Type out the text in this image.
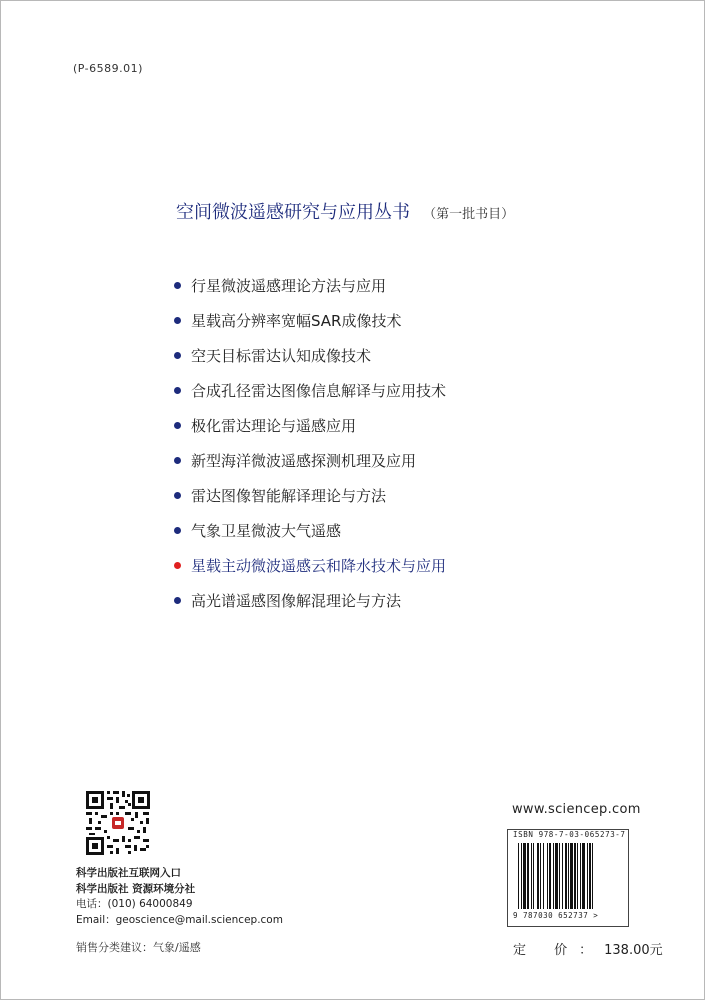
(P-6589.01)
空间微波遥感研究与应用丛书 （第一批书目）
行星微波遥感理论方法与应用
星载高分辨率宽幅SAR成像技术
空天目标雷达认知成像技术
合成孔径雷达图像信息解译与应用技术
极化雷达理论与遥感应用
新型海洋微波遥感探测机理及应用
雷达图像智能解译理论与方法
气象卫星微波大气遥感
星载主动微波遥感云和降水技术与应用
高光谱遥感图像解混理论与方法
科学出版社互联网入口
科学出版社 资源环境分社
电话：(010) 64000849
Email：geoscience@mail.sciencep.com
销售分类建议：气象/遥感
www.sciencep.com
ISBN 978-7-03-065273-7
9 787030 652737 >
定 价：138.00元
